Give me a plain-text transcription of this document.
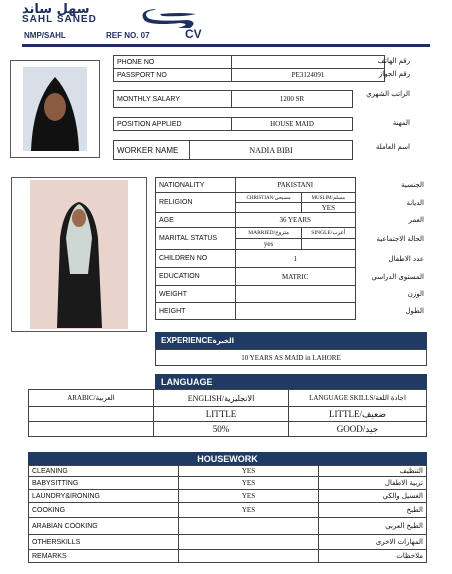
سهل ساند
SAHL SANED
NMP/SAHL	REF NO. 07	CV
PHONE NO	
PASSPORT NO	PE3124091
رقم الهاتف
رقم الجواز
MONTHLY SALARY	1200 SR
الراتب الشهري
POSITION APPLIED	HOUSE MAID	المهنة
WORKER NAME	NADIA BIBI	اسم العاملة
NATIONALITY	PAKISTANI		الجنسية
RELIGION	CHRISTIAN/مسيحي	MUSLIM/مسلم	الديانة
		YES	
AGE	36 YEARS		العمر
MARITAL STATUS	MARRIED/متزوج	SINGLE/أعزب	الحالة الاجتماعية
	yes		
CHILDREN NO	1		عدد الاطفال
EDUCATION	MATRIC		المستوى الدراسي
WEIGHT			الوزن
HEIGHT			الطول
EXPERIENCEالخبرة
10 YEARS AS MAID in LAHORE
LANGUAGE
ARABIC/العربية	ENGLISH/الانجليزية	LANGUAGE SKILLS/اجادة اللغة
	LITTLE	LITTLE/ضعيف
	50%	GOOD/جيد
HOUSEWORK
CLEANING	YES	التنظيف
BABYSITTING	YES	تربية الاطفال
LAUNDRY&IRONING	YES	الغسيل والكي
COOKING	YES	الطبخ
ARABIAN COOKING		الطبخ العربي
OTHERSKILLS		المهارات الاخرى
REMARKS		ملاحظات
